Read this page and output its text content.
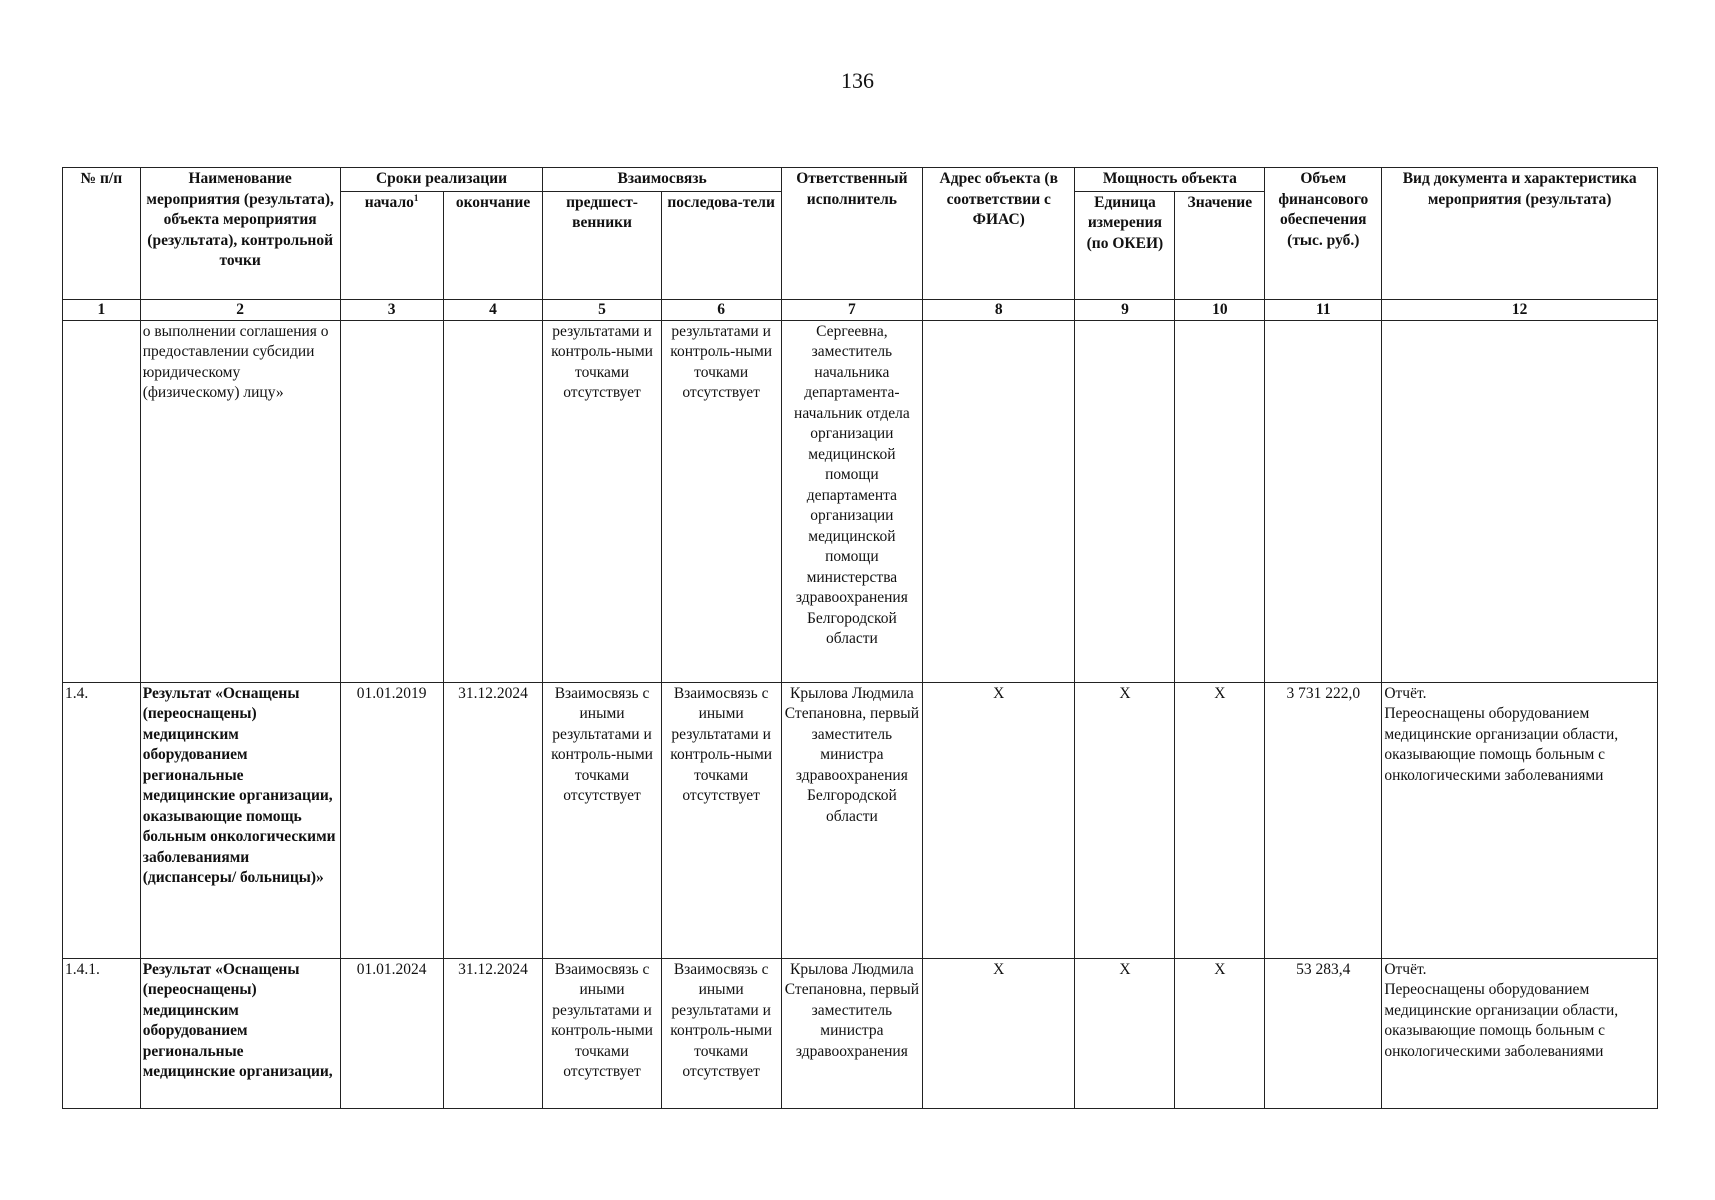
136
№ п/п	Наименование мероприятия (результата), объекта мероприятия (результата), контрольной точки	Сроки реализации		Взаимосвязь		Ответственный исполнитель	Адрес объекта (в соответствии с ФИАС)	Мощность объекта		Объем финансового обеспечения (тыс. руб.)	Вид документа и характеристика мероприятия (результата)
		начало$^1$	окончание	предшест-венники	последова-тели			Единица измерения (по ОКЕИ)	Значение		
1	2	3	4	5	6	7	8	9	10	11	12
	о выполнении соглашения о предоставлении субсидии юридическому (физическому) лицу»			результатами и контроль-ными точками отсутствует	результатами и контроль-ными точками отсутствует	Сергеевна, заместитель начальника департамента-начальник отдела организации медицинской помощи департамента организации медицинской помощи министерства здравоохранения Белгородской области					

1.4.	Результат «Оснащены (переоснащены) медицинским оборудованием региональные медицинские организации, оказывающие помощь больным онкологическими заболеваниями (диспансеры/ больницы)»	01.01.2019	31.12.2024	Взаимосвязь с иными результатами и контроль-ными точками отсутствует	Взаимосвязь с иными результатами и контроль-ными точками отсутствует	Крылова Людмила Степановна, первый заместитель министра здравоохранения Белгородской области	Х	Х	Х	3 731 222,0	Отчёт.
Переоснащены оборудованием медицинские организации области, оказывающие помощь больным с онкологическими заболеваниями

1.4.1.	Результат «Оснащены (переоснащены) медицинским оборудованием региональные медицинские организации,	01.01.2024	31.12.2024	Взаимосвязь с иными результатами и контроль-ными точками отсутствует	Взаимосвязь с иными результатами и контроль-ными точками отсутствует	Крылова Людмила Степановна, первый заместитель министра здравоохранения	Х	Х	Х	53 283,4	Отчёт.
Переоснащены оборудованием медицинские организации области, оказывающие помощь больным с онкологическими заболеваниями
